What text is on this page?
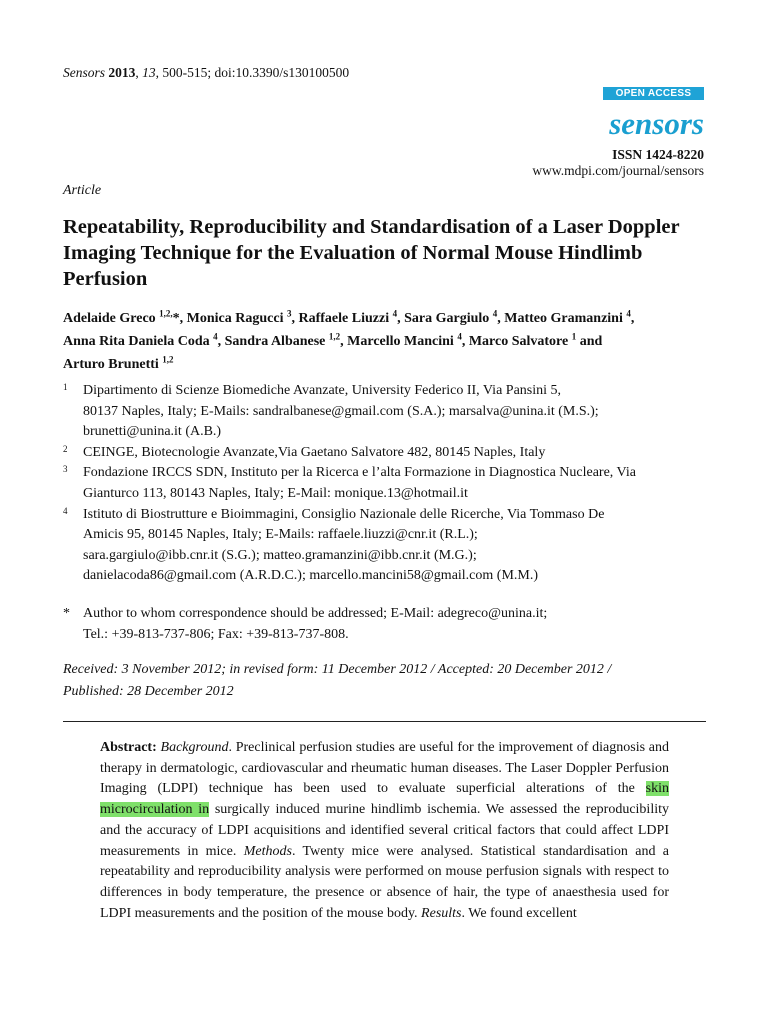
Sensors 2013, 13, 500-515; doi:10.3390/s130100500
OPEN ACCESS
sensors
ISSN 1424-8220
www.mdpi.com/journal/sensors
Article
Repeatability, Reproducibility and Standardisation of a Laser Doppler Imaging Technique for the Evaluation of Normal Mouse Hindlimb Perfusion
Adelaide Greco $^{1,2,}$*, Monica Ragucci $^3$, Raffaele Liuzzi $^4$, Sara Gargiulo $^4$, Matteo Gramanzini $^4$,
Anna Rita Daniela Coda $^4$, Sandra Albanese $^{1,2}$, Marcello Mancini $^4$, Marco Salvatore $^1$ and
Arturo Brunetti $^{1,2}$
1 Dipartimento di Scienze Biomediche Avanzate, University Federico II, Via Pansini 5,
80137 Naples, Italy; E-Mails: sandralbanese@gmail.com (S.A.); marsalva@unina.it (M.S.);
brunetti@unina.it (A.B.)
2 CEINGE, Biotecnologie Avanzate,Via Gaetano Salvatore 482, 80145 Naples, Italy
3 Fondazione IRCCS SDN, Instituto per la Ricerca e l’alta Formazione in Diagnostica Nucleare, Via
Gianturco 113, 80143 Naples, Italy; E-Mail: monique.13@hotmail.it
4 Istituto di Biostrutture e Bioimmagini, Consiglio Nazionale delle Ricerche, Via Tommaso De
Amicis 95, 80145 Naples, Italy; E-Mails: raffaele.liuzzi@cnr.it (R.L.);
sara.gargiulo@ibb.cnr.it (S.G.); matteo.gramanzini@ibb.cnr.it (M.G.);
danielacoda86@gmail.com (A.R.D.C.); marcello.mancini58@gmail.com (M.M.)
* Author to whom correspondence should be addressed; E-Mail: adegreco@unina.it;
Tel.: +39-813-737-806; Fax: +39-813-737-808.
Received: 3 November 2012; in revised form: 11 December 2012 / Accepted: 20 December 2012 /
Published: 28 December 2012

Abstract: Background. Preclinical perfusion studies are useful for the improvement of diagnosis and therapy in dermatologic, cardiovascular and rheumatic human diseases. The Laser Doppler Perfusion Imaging (LDPI) technique has been used to evaluate superficial alterations of the skin microcirculation in surgically induced murine hindlimb ischemia. We assessed the reproducibility and the accuracy of LDPI acquisitions and identified several critical factors that could affect LDPI measurements in mice. Methods. Twenty mice were analysed. Statistical standardisation and a repeatability and reproducibility analysis were performed on mouse perfusion signals with respect to differences in body temperature, the presence or absence of hair, the type of anaesthesia used for LDPI measurements and the position of the mouse body. Results. We found excellent
